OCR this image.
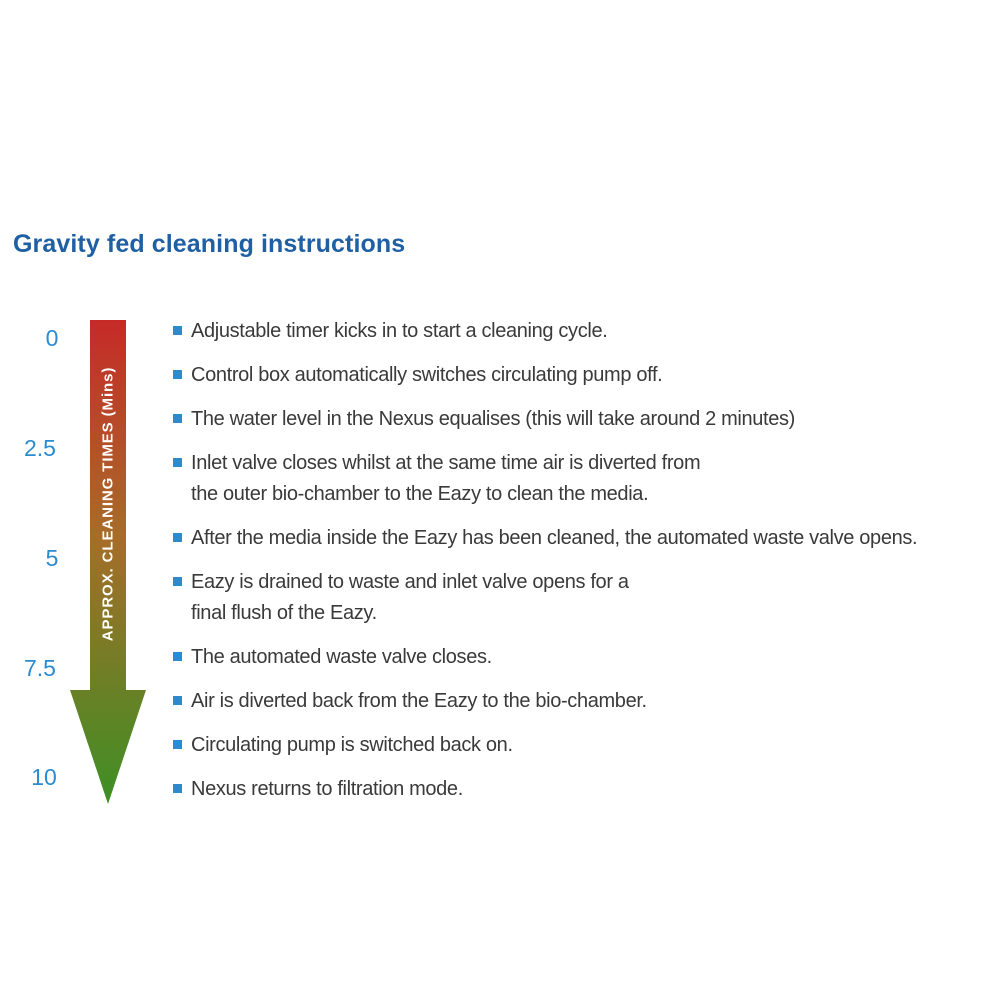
Gravity fed cleaning instructions
0
2.5
5
7.5
10
APPROX. CLEANING TIMES (Mins)
Adjustable timer kicks in to start a cleaning cycle.
Control box automatically switches circulating pump off.
The water level in the Nexus equalises (this will take around 2 minutes)
Inlet valve closes whilst at the same time air is diverted from
the outer bio-chamber to the Eazy to clean the media.
After the media inside the Eazy has been cleaned, the automated waste valve opens.
Eazy is drained to waste and inlet valve opens for a
final flush of the Eazy.
The automated waste valve closes.
Air is diverted back from the Eazy to the bio-chamber.
Circulating pump is switched back on.
Nexus returns to filtration mode.
